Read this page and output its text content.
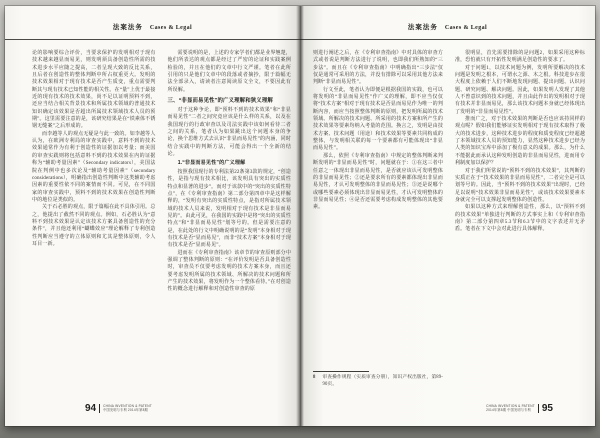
法案法务 Cases & Legal

论的影响要综合评价，当要求保护的发明相对于现有技术越来越显而易见，则发明须具备创造性所需的技术进步水平应随之提高，二者呈现大致的反比关系，且后者在创造性的整体判断中所占权重更大。发明的技术效果相对于现有技术是否产生质变，重点需要判断其与现有技术已知性能的相关性。在“量”上优于最接近的现有技术的技术效果，尚不足以证明预料不到，还应当结合相关背景技术和所属技术领域的普通技术知识确定该效果是否超出所属技术领域技术人员的预期”。这里需要注意的是，该研究结果是在“铁素体不锈钢无缝案”之后形成的。

而李越等人的观点无疑是与此一致的。如李越等人认为，在欧洲专利局的审查实践中，意料不到的技术效果通常作为有利于创造性的证据加以考量；而美国的审查实践则将包括意料不到的技术效果在内的证据称为“辅助考量因素”（Secondary indicators），美国法院在判例中也多次论及“辅助考量因素”（secondary considerations），明确指出创造性判断中这类辅助考虑因素的重要性依不同的案情而不同。可见，在不同国家的审查实践中，预料不到的技术效果在创造性判断中的地位是类似的。

关于石必胜的观点，限于篇幅在此不具体引用。总之，他提出了截然不同的观点。例如，石必胜认为“意料不到技术效果是认定该技术方案具备创造性的充分条件”，并且他还利用“蝴蝶效应”理论解释了专利创造性判断应当遵守的立体原则和尤其是整体原则，令人耳目一新。

需要说明的是，上述的专家学者们都是业界翘楚，他们所表达的观点都是经过了严密的论证和实践案例检验的，并且在他们的文章中行文严谨。笔者在此所引用的只是他们文章中的段落或者摘抄，限于篇幅无法全部录入，请读者注意阅读原文全文，不要因此有所误解。

三、“非显而易见性”的广义理解和狭义理解

对于这种争论，即“预料不到的技术效果”和“非显而易见性”二者之间究竟应该是什么样的关系，以及在我国现行的行政审查以及司法实践中该如何看待二者之间的关系，笔者认为如果跳出这个问题本身的争论，换个思维方式去认识“非显而易见性”的内涵，同时结合实践中的判断方法，可能会得出一个全新的结论。

1.“非显而易见性”的广义理解

按照我国现行的专利法第22条第3款的规定，“创造性，是指与现有技术相比，该发明具有突出的实质性特点和显著的进步”。而对于该款中的“突出的实质性特点”，在《专利审查指南》第二部分第四章中是这样解释的，“发明有突出的实质性特点，是指对所属技术领域的技术人员来说，发明相对于现有技术是非显而易见的”。由此可见，在我国的实践中是将“突出的实质性特点”和“非显而易见性”划等号的。但是需要注意的是，在此处的行文中明确说明的是“发明”本身相对于现有技术是否“显而易见”，而非“技术方案”本身相对于现有技术是否“显而易见”。

进而在《专利审查指南》该章节的审查原则部分中强调了整体判断的原则：“在评价发明是否具备创造性时，审查员不仅要考虑发明的技术方案本身，而且还要考虑发明所属的技术领域、所解决的技术问题和所产生的技术效果，将发明作为一个整体看待。”在对创造性的概念进行解释和对创造性审查的原

94 CHINA INVENTION & PATENT
中国发明与专利 2014年第8期
法案法务 Cases & Legal

则进行阐述之后，在《专利审查指南》中对具体的审查方式或者说是判断方法进行了说明，也即我们所熟知的“三步法”。而且在《专利审查指南》中明确指出“三步法”仅仅是通常可采用的方法，并没有排除可以采用其他方法来判断“非显而易见性”。

行文至此，笔者认为即便是根据我国的实践，也可以将发明的“非显而易见性”作广义的理解，即不应当仅仅将“技术方案”相对于现有技术是否显而易见作为唯一的判断内容，而应当按照整体判断的原则，把发明所属的技术领域、所解决的技术问题、所采用的技术方案和所产生的技术效果等要素均纳入考量的范围。换言之，发明是由技术方案、技术问题（用途）和技术效果等要素共同构成的整体，与发明相关联的每一个要素都有可能体现出“非显而易见性”。

那么，依照《专利审查指南》中规定的整体判断来判断发明的“非显而易见性”时，问题就在于：①在这三者中任意之一体现出非显而易见性，是否就应该认可发明整体的非显而易见性；②还是要求所有的要素都体现出非显而易见性，才认可发明整体的非显而易见性；③还是说哪个或哪些要素必须体现出非显而易见性，才认可发明整体的非显而易见性；④是否还需要考虑构成发明整体的其他要素。

8 审查操作规程（实质审查分册），知识产权出版社，第89-90页。

很明显，首先需要排除的是问题2，如果采用这种标准，恐怕就只有开拓性发明满足创造性的要求了。

对于问题1，以技术问题为例，发明所要解决的技术问题是发明之根本，可谓水之源、木之根。科技进步在很大程度上依赖于人们不断地发现问题、提出问题、认识问题、研究问题、解决问题。因此，如果发明人发现了其他人不曾意识到的技术问题，并且由此作出的发明相对于现有技术并非显而易见，那么该技术问题本身就已经体现出了发明的“非显而易见性”。

推而广之，对于技术效果的判断是否也应该持同样的观点呢？假如我们能够证实发明相对于现有技术取得了极大的技术进步，这种技术进步的程度和质变程度已经超越了本领域技术人员的预知能力，显然这种技术进步已经为人类的知识宝库中添加了极有意义的成果。那么，为什么不能据此而承认这种发明创造的非显而易见性，进而用专利制度加以保护？

对于我们所常说的“预料不到的技术效果”，其判断的实质正在于“技术效果的非显而易见性”，二者完全是可以划等号的。因此，当“预料不到的技术效果”出现时，已经足以说明“技术效果非显而易见性”，或该技术效果要素本身就完全可以支撑起发明整体的创造性。

如果以这种方式来理解创造性，那么，以“预料不到的技术效果”单独进行判断的方式事实上和《专利审查指南》第二部分第四章5.3节和6.3节中的文字表述并无矛盾。笔者在下文中会对此进行具体解释。

CHINA INVENTION & PATENT
2014年第8期 中国发明与专利	95
